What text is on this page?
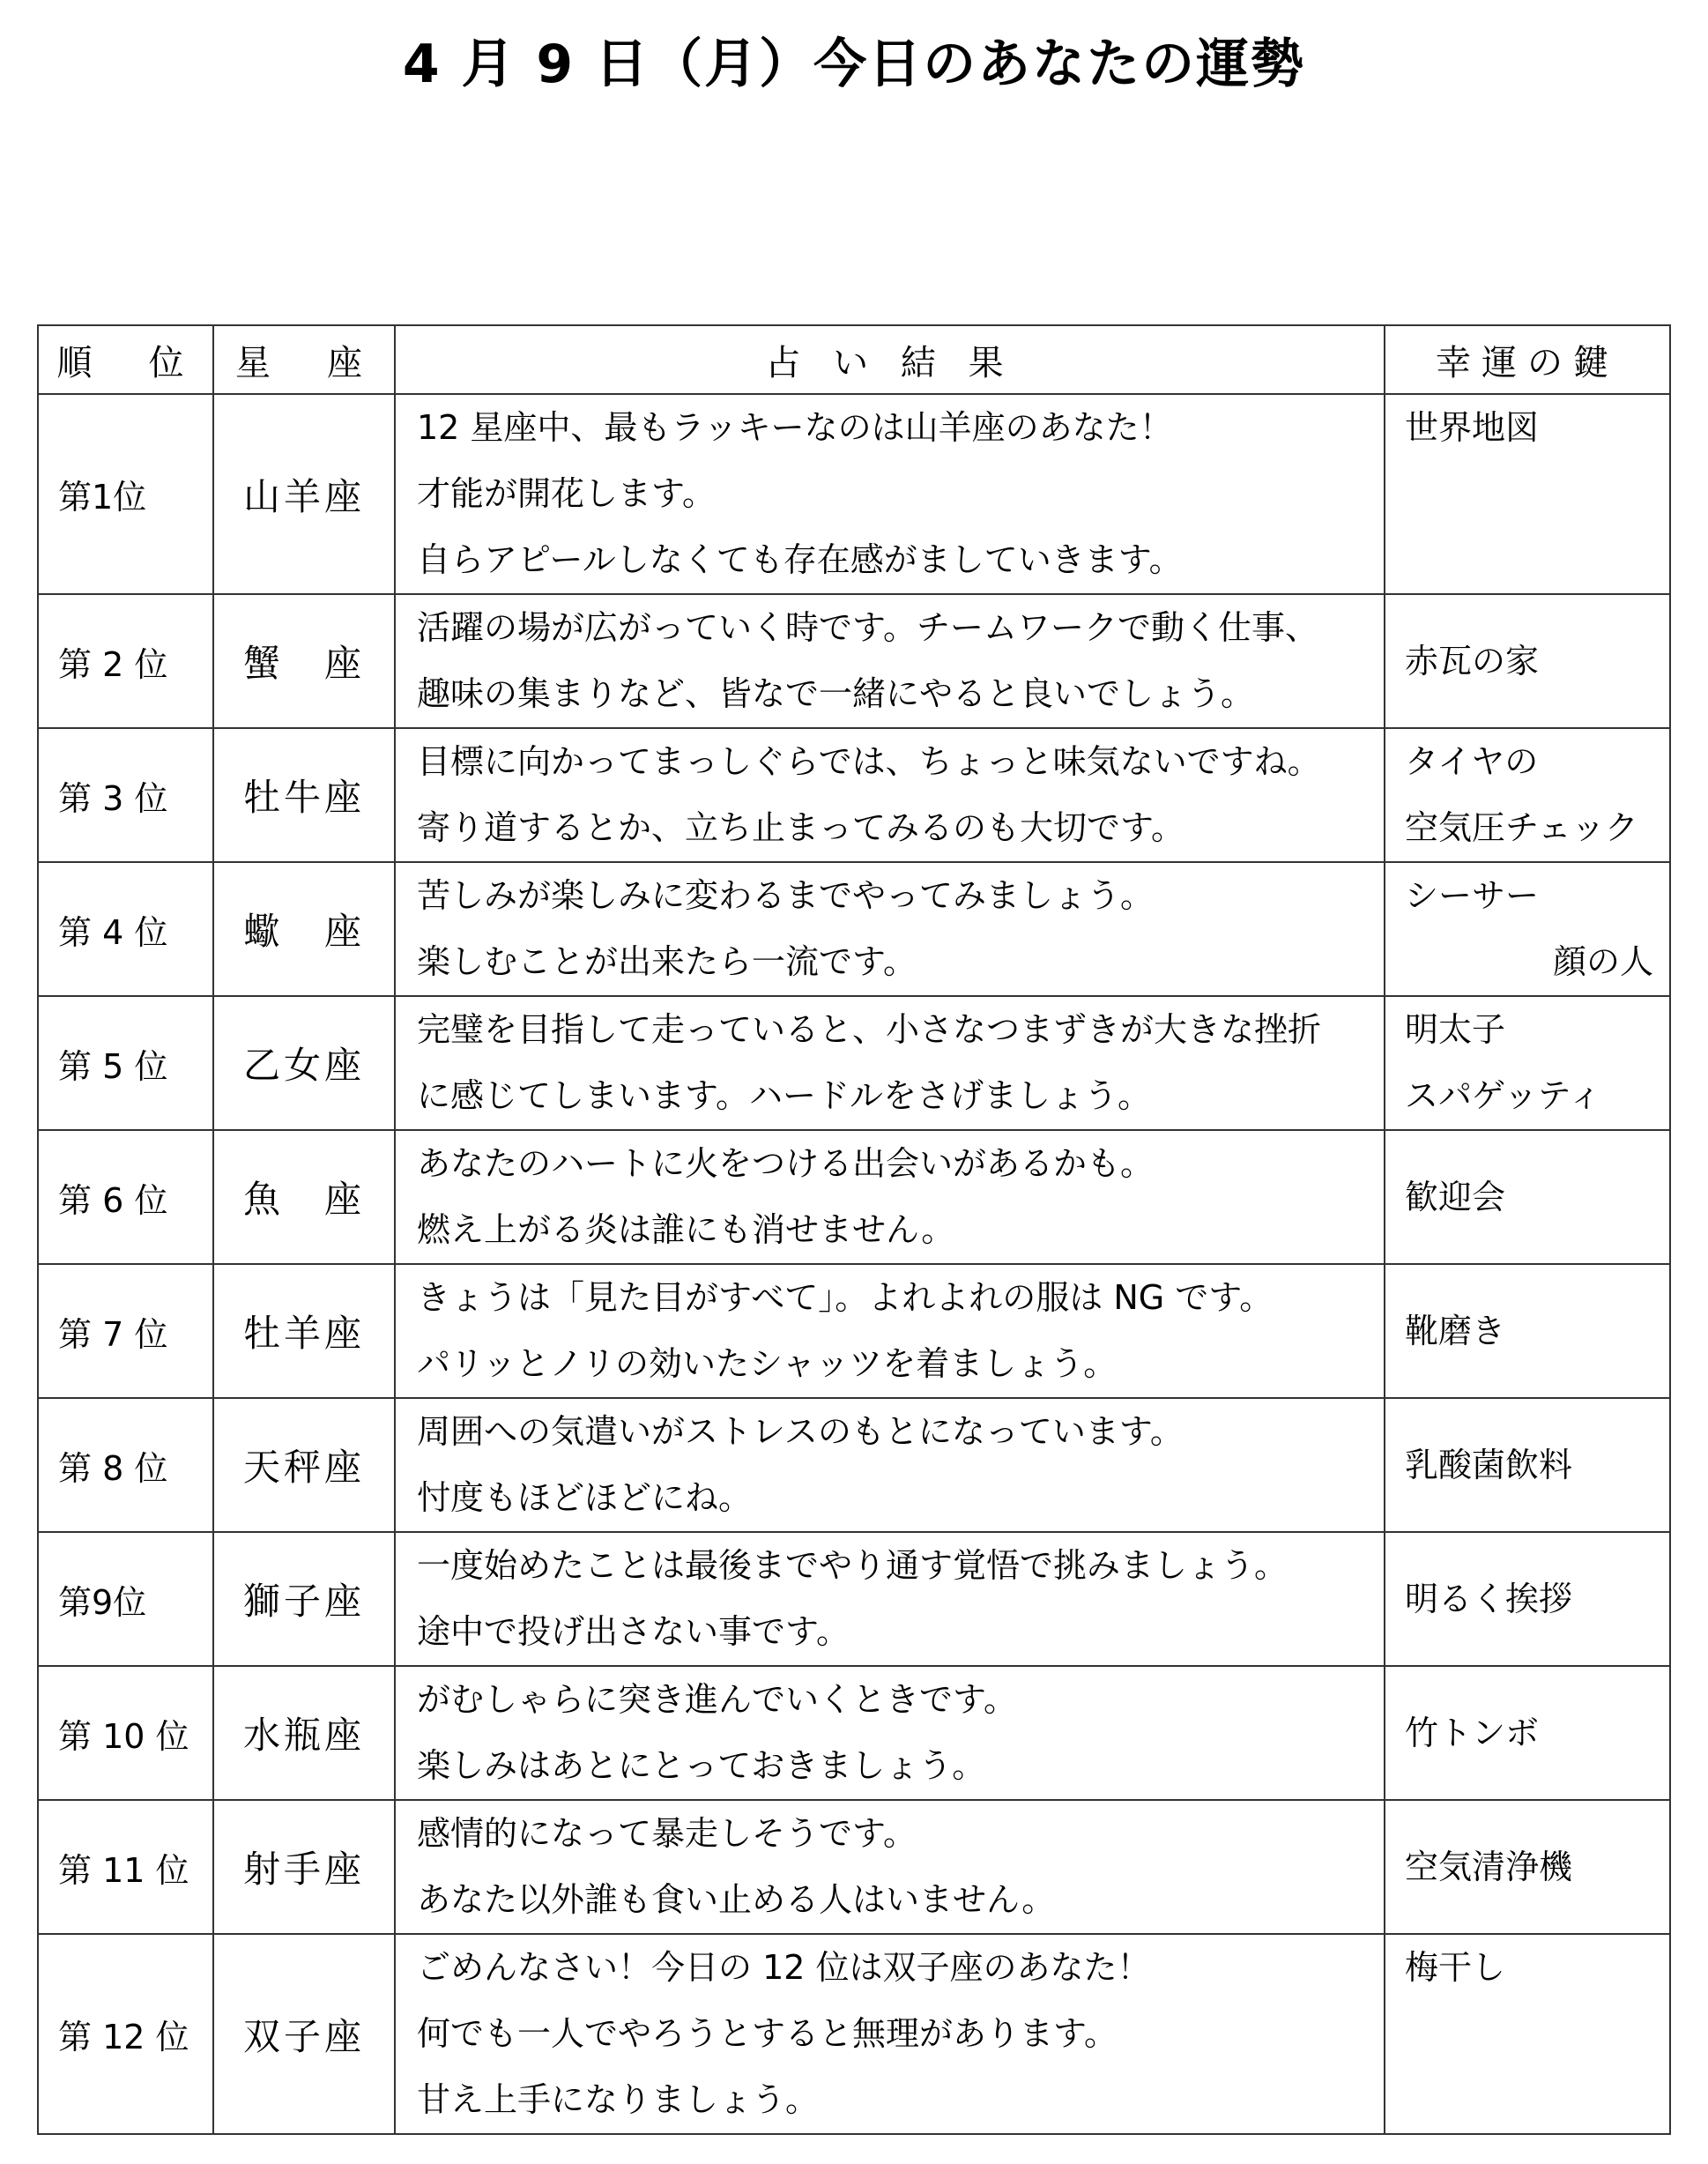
4 月 9 日（月）今日のあなたの運勢
順　位	星　座	占 い 結 果	幸運の鍵
第1位	山羊座	12 星座中、最もラッキーなのは山羊座のあなた！
才能が開花します。
自らアピールしなくても存在感がましていきます。	世界地図

第 2 位	蟹　座	活躍の場が広がっていく時です。チームワークで動く仕事、
趣味の集まりなど、皆なで一緒にやると良いでしょう。	赤瓦の家

第 3 位	牡牛座	目標に向かってまっしぐらでは、ちょっと味気ないですね。
寄り道するとか、立ち止まってみるのも大切です。	タイヤの
空気圧チェック

第 4 位	蠍　座	苦しみが楽しみに変わるまでやってみましょう。
楽しむことが出来たら一流です。	シーサー
顔の人

第 5 位	乙女座	完璧を目指して走っていると、小さなつまずきが大きな挫折
に感じてしまいます。ハードルをさげましょう。	明太子
スパゲッティ

第 6 位	魚　座	あなたのハートに火をつける出会いがあるかも。
燃え上がる炎は誰にも消せません。	歓迎会

第 7 位	牡羊座	きょうは「見た目がすべて」。よれよれの服は NG です。
パリッとノリの効いたシャッツを着ましょう。	靴磨き

第 8 位	天秤座	周囲への気遣いがストレスのもとになっています。
忖度もほどほどにね。	乳酸菌飲料

第9位	獅子座	一度始めたことは最後までやり通す覚悟で挑みましょう。
途中で投げ出さない事です。	明るく挨拶

第 10 位	水瓶座	がむしゃらに突き進んでいくときです。
楽しみはあとにとっておきましょう。	竹トンボ

第 11 位	射手座	感情的になって暴走しそうです。
あなた以外誰も食い止める人はいません。	空気清浄機

第 12 位	双子座	ごめんなさい！今日の 12 位は双子座のあなた！
何でも一人でやろうとすると無理があります。
甘え上手になりましょう。	梅干し
